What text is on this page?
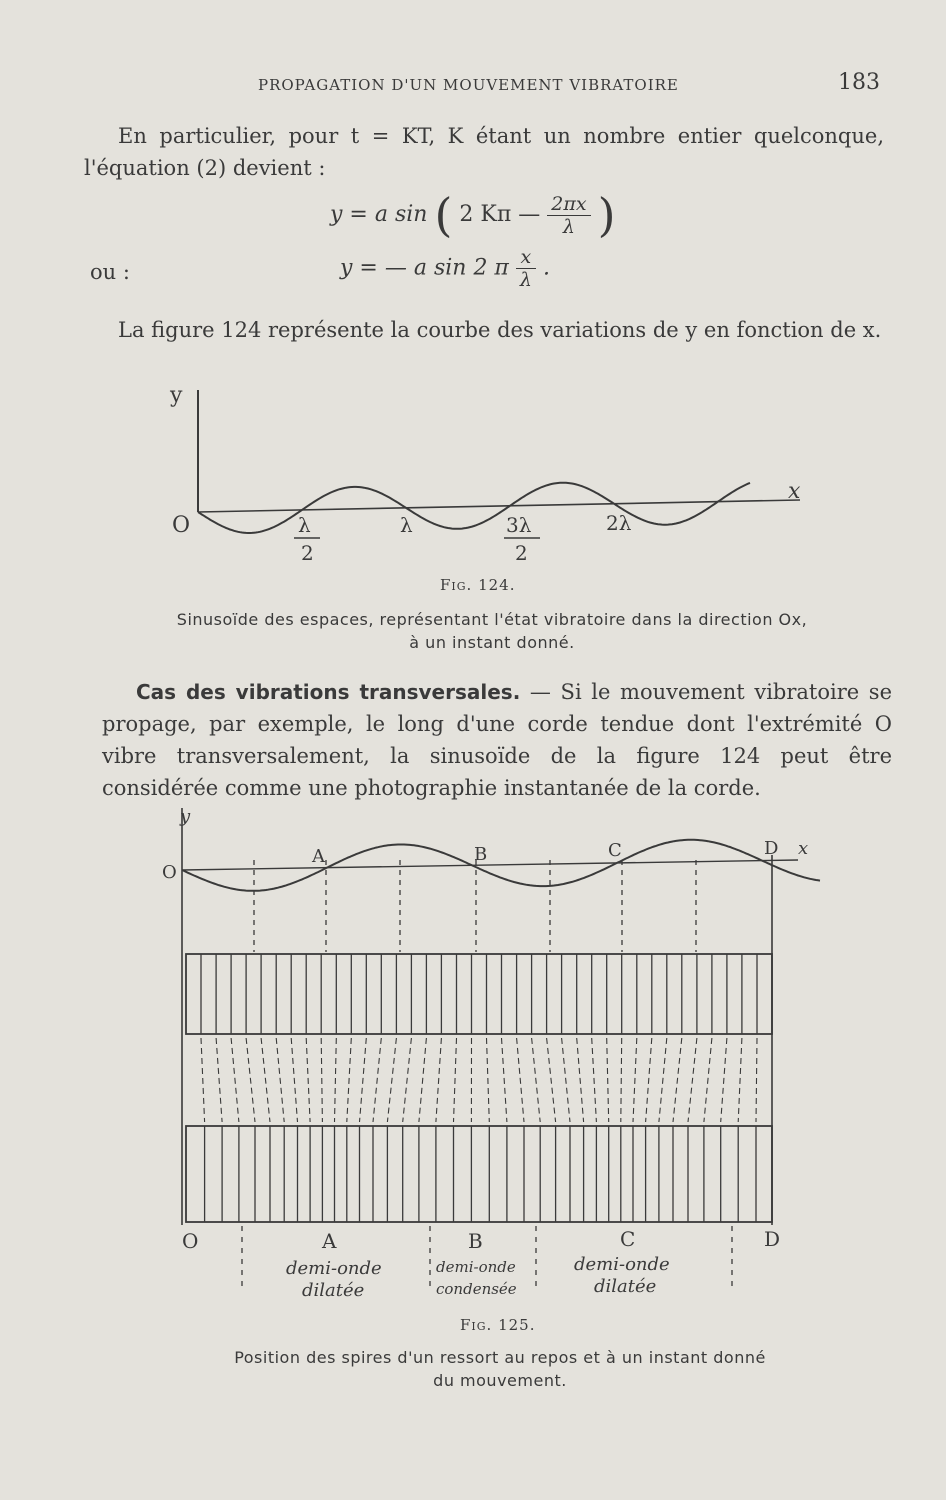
PROPAGATION D'UN MOUVEMENT VIBRATOIRE	183

En particulier, pour t = KT, K étant un nombre entier quelconque, l'équation (2) devient :

y = a sin ( 2 Kπ — $\frac{2\pi x}{\lambda}$ )
ou :	y = — a sin 2 π $\frac{x}{\lambda}$ .

La figure 124 représente la courbe des variations de y en fonction de x.

y
x
O	λ
2
λ	3λ
2
2λ
Fig. 124.
Sinusoïde des espaces, représentant l'état vibratoire dans la direction Ox,
à un instant donné.

Cas des vibrations transversales. — Si le mouvement vibratoire se propage, par exemple, le long d'une corde tendue dont l'extrémité O vibre transversalement, la sinusoïde de la figure 124 peut être considérée comme une photographie instantanée de la corde.

y
x
O
A	B	C	D
O	A	B	C	D
demi-onde
dilatée
demi-onde
condensée
demi-onde
dilatée
Fig. 125.
Position des spires d'un ressort au repos et à un instant donné
du mouvement.
